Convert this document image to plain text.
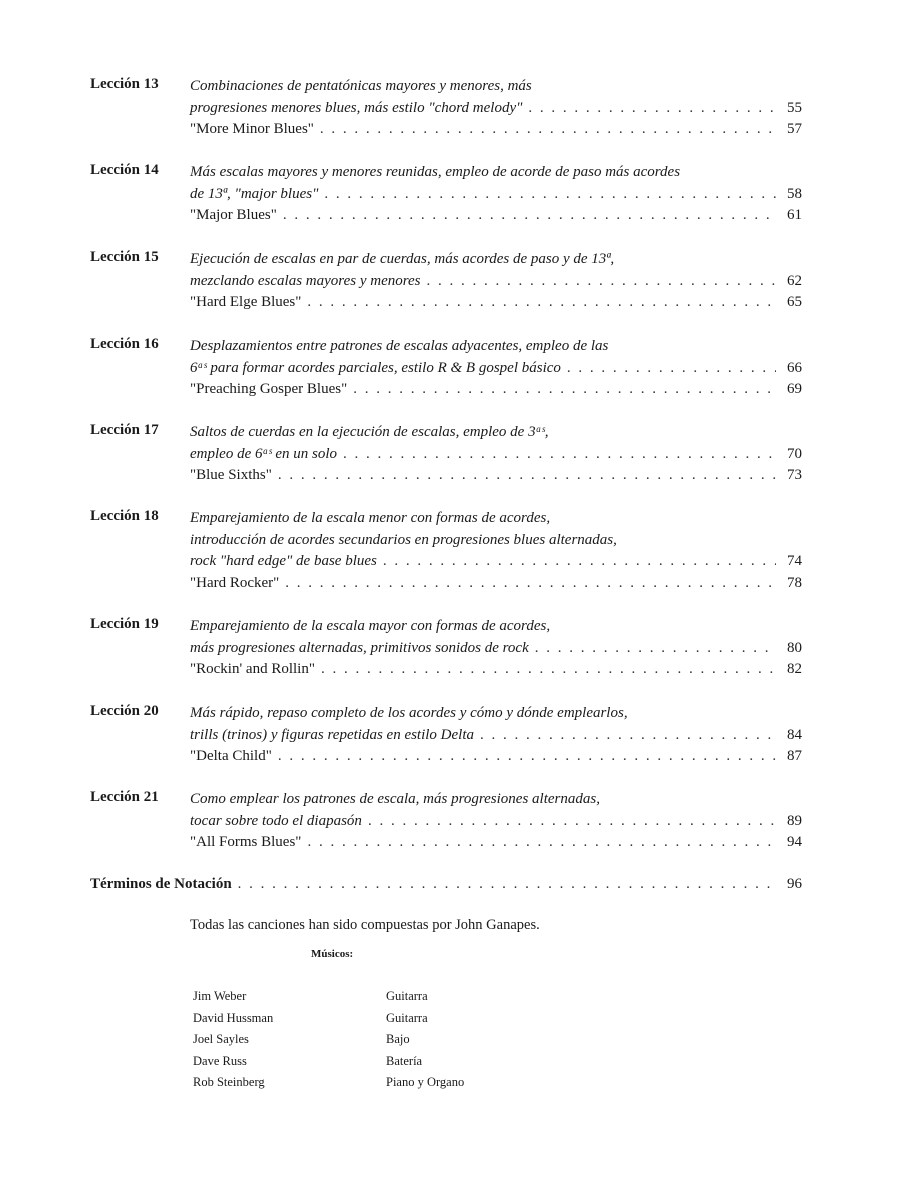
Lección 13	Combinaciones de pentatónicas mayores y menores, más
progresiones menores blues, más estilo "chord melody" . . .	55
"More Minor Blues" . . .	57
Lección 14	Más escalas mayores y menores reunidas, empleo de acorde de paso más acordes
de 13ª, "major blues" . . .	58
"Major Blues" . . .	61
Lección 15	Ejecución de escalas en par de cuerdas, más acordes de paso y de 13ª,
mezclando escalas mayores y menores . . .	62
"Hard Elge Blues" . . .	65
Lección 16	Desplazamientos entre patrones de escalas adyacentes, empleo de las
6ᵃˢ para formar acordes parciales, estilo R & B gospel básico . . .	66
"Preaching Gosper Blues" . . .	69
Lección 17	Saltos de cuerdas en la ejecución de escalas, empleo de 3ᵃˢ,
empleo de 6ᵃˢ en un solo . . .	70
"Blue Sixths" . . .	73
Lección 18	Emparejamiento de la escala menor con formas de acordes,
introducción de acordes secundarios en progresiones blues alternadas,
rock "hard edge" de base blues . . .	74
"Hard Rocker" . . .	78
Lección 19	Emparejamiento de la escala mayor con formas de acordes,
más progresiones alternadas, primitivos sonidos de rock . . .	80
"Rockin' and Rollin" . . .	82
Lección 20	Más rápido, repaso completo de los acordes y cómo y dónde emplearlos,
trills (trinos) y figuras repetidas en estilo Delta . . .	84
"Delta Child" . . .	87
Lección 21	Como emplear los patrones de escala, más progresiones alternadas,
tocar sobre todo el diapasón . . .	89
"All Forms Blues" . . .	94
Términos de Notación . . .	96
Todas las canciones han sido compuestas por John Ganapes.
Músicos:
Jim Weber	Guitarra
David Hussman	Guitarra
Joel Sayles	Bajo
Dave Russ	Batería
Rob Steinberg	Piano y Organo
